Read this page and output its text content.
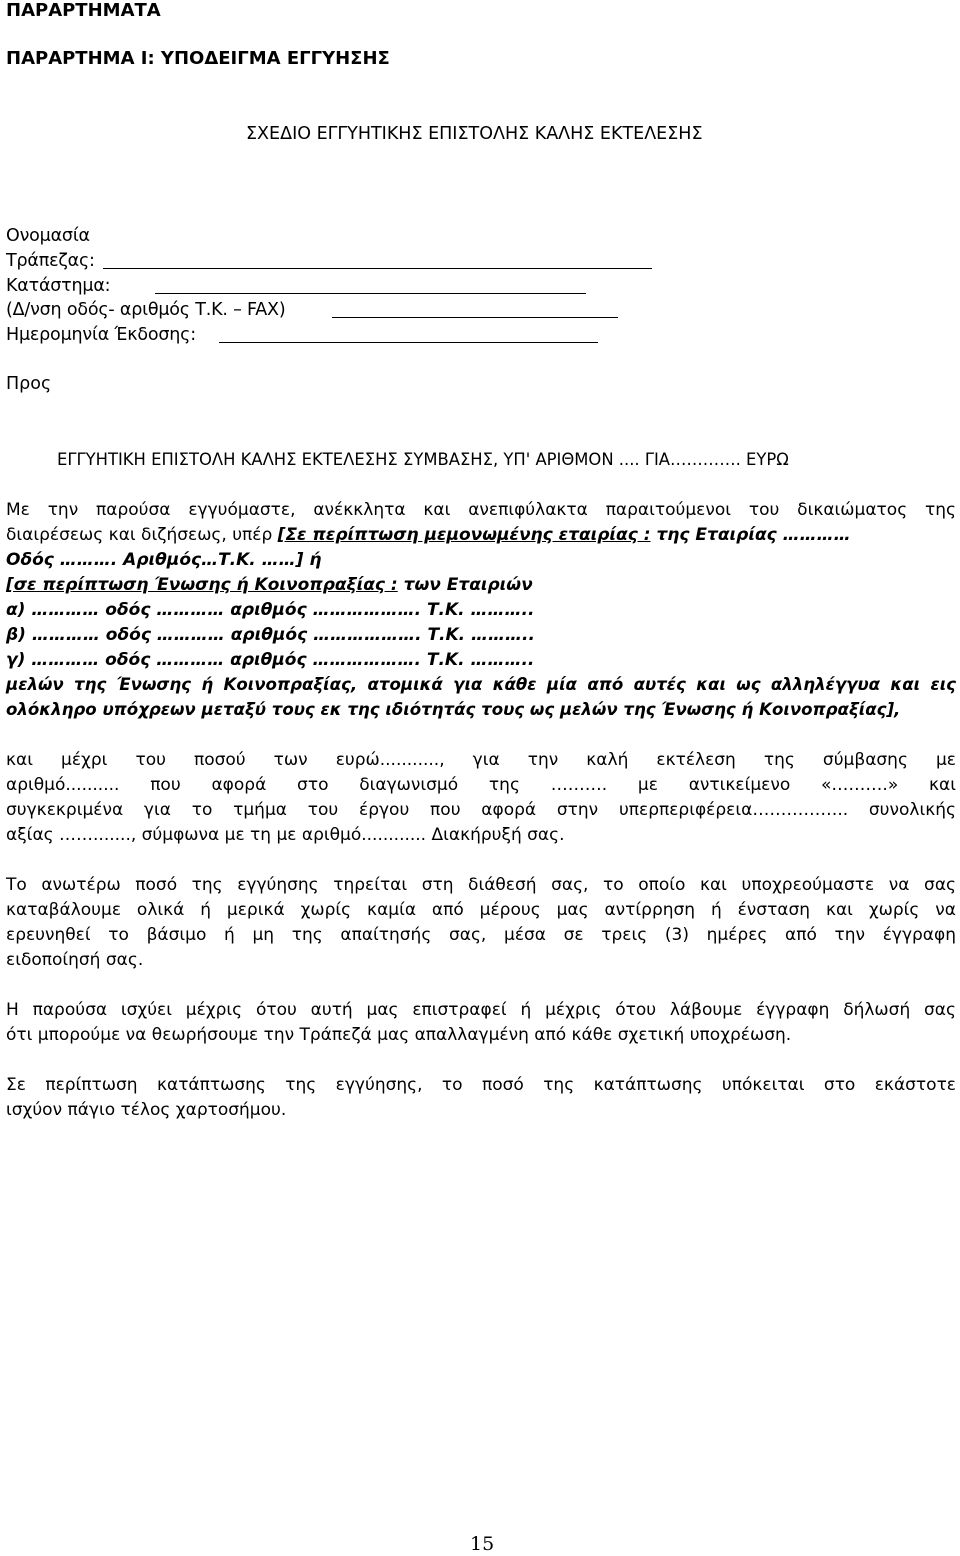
ΠΑΡΑΡΤΗΜΑΤΑ
ΠΑΡΑΡΤΗΜΑ Ι: ΥΠΟΔΕΙΓΜΑ ΕΓΓΥΗΣΗΣ
ΣΧΕΔΙΟ ΕΓΓΥΗΤΙΚΗΣ ΕΠΙΣΤΟΛΗΣ ΚΑΛΗΣ ΕΚΤΕΛΕΣΗΣ
Ονομασία
Τράπεζας:
Κατάστημα:
(Δ/νση οδός- αριθμός Τ.Κ. – FAX)
Ημερομηνία Έκδοσης:
Προς
ΕΓΓΥΗΤΙΚΗ ΕΠΙΣΤΟΛΗ ΚΑΛΗΣ ΕΚΤΕΛΕΣΗΣ ΣΥΜΒΑΣΗΣ, ΥΠ' ΑΡΙΘΜΟΝ .... ΓΙΑ…………. ΕΥΡΩ
Με την παρούσα εγγυόμαστε, ανέκκλητα και ανεπιφύλακτα παραιτούμενοι του δικαιώματος της
διαιρέσεως και διζήσεως, υπέρ [Σε περίπτωση μεμονωμένης εταιρίας : της Εταιρίας …………
Οδός ………. Αριθμός…Τ.Κ. ……] ή
[σε περίπτωση Ένωσης ή Κοινοπραξίας : των Εταιριών
α) ………… οδός ………… αριθμός ………………. Τ.Κ. ………..
β) ………… οδός ………… αριθμός ………………. Τ.Κ. ………..
γ) ………… οδός ………… αριθμός ………………. Τ.Κ. ………..
μελών της Ένωσης ή Κοινοπραξίας, ατομικά για κάθε μία από αυτές και ως αλληλέγγυα και εις
ολόκληρο υπόχρεων μεταξύ τους εκ της ιδιότητάς τους ως μελών της Ένωσης ή Κοινοπραξίας],
και μέχρι του ποσού των ευρώ..........., για την καλή εκτέλεση της σύμβασης με
αριθμό.......... που αφορά στο διαγωνισμό της ………. με αντικείμενο «……….» και
συγκεκριμένα για το τμήμα του έργου που αφορά στην υπερπεριφέρεια…………….. συνολικής
αξίας ……......., σύμφωνα με τη με αριθμό............ Διακήρυξή σας.
Το ανωτέρω ποσό της εγγύησης τηρείται στη διάθεσή σας, το οποίο και υποχρεούμαστε να σας
καταβάλουμε ολικά ή μερικά χωρίς καμία από μέρους μας αντίρρηση ή ένσταση και χωρίς να
ερευνηθεί το βάσιμο ή μη της απαίτησής σας, μέσα σε τρεις (3) ημέρες από την έγγραφη
ειδοποίησή σας.
Η παρούσα ισχύει μέχρις ότου αυτή μας επιστραφεί ή μέχρις ότου λάβουμε έγγραφη δήλωσή σας
ότι μπορούμε να θεωρήσουμε την Τράπεζά μας απαλλαγμένη από κάθε σχετική υποχρέωση.
Σε περίπτωση κατάπτωσης της εγγύησης, το ποσό της κατάπτωσης υπόκειται στο εκάστοτε
ισχύον πάγιο τέλος χαρτοσήμου.
15
